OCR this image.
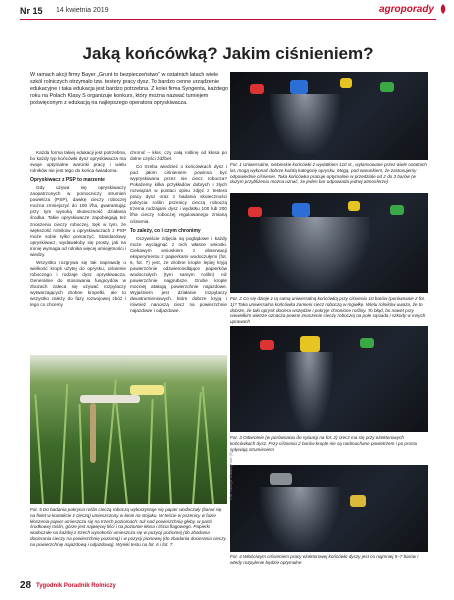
Nr 15 14 kwietnia 2019	agroporady
Jaką końcówką? Jakim ciśnieniem?
W ramach akcji firmy Bayer „Grunt to bezpieczeństwo” w ostatnich latach wiele szkół rolniczych otrzymało tzw. testery pracy dysz. To bardzo cenne urządzenie edukacyjne i taka edukacja jest bardzo potrzebna. Z kolei firma Syngenta, każdego roku na Polach Klasy S organizuje konkurs, który można nazwać turniejem poświęconym z edukacją na najlepszego operatora opryskiwacza.

Każda forma takiej edukacji jest potrzebna, bo każdy typ końcówki dysz opryskiwacza ma swoje optymalne warunki pracy i wielu rolników nie jest tego do końca świadoma.

Opryskiwacz z PSP to marzenie

Gdy używa się opryskiwaczy zaopatrzonych w pomocniczy strumień powietrza (PSP), dawkę cieczy roboczej można zmniejszyć do 100 l/ha, gwarantując przy tym wysoką skuteczność działania środka. Takie opryskiwacze zapobiegają też znoszeniu cieczy roboczej. Sęk w tym, że większość rolników o opryskiwaczach z PSP może sobie tylko pomarzyć. Standardowy opryskiwacz, wydawałoby się prosty, jak na ironię wymaga od rolnika więcej umiejętności i wiedzy.

Wszystko rozgrywa się tak naprawdę o wielkość kropli użytej do oprysku, ciśnienie roboczego i rodzaje dysz opryskiwacza. Generalnie do stosowania fungicydów w zbożach zaleca się używać rozpylaczy wytwarzających drobne kropelki, ale to wszystko zależy do fazy rozwojowej zbóż i tego co chcemy

chronić – kłos, czy całą roślinę od kłosa po dolne części źdźbeł.

Co trzeba wiedzieć o końcówkach dysz i pod jakim ciśnieniem powinna być wypryskiwana przez nie ciecz robocza? Pokażemy kilka przykładów dobrych i złych rozwiązań w postaci opisu zdjęć z testera pracy dysz oraz z badania skuteczności pokrycia roślin pszenicy cieczą roboczą trzema rodzajami dysz i wydatku 100 lub 200 l/ha cieczy roboczej regulowanego zmianą ciśnienia.

To zależy, co i czym chronimy

Oczywiście zdjęcia są poglądowe i każdy może wyciągnąć z nich własne wnioski. Ciekawym wnioskiem z obserwacji eksperymentu z papierkami wodoczułymi (fot. 6, fot. 7) jest, że drobne krople lepiej kryją powierzchnie odzwierciedlające papierków wodoczułych (tym samym roślin) niż powierzchnie najgrubsze. Grube krople mocniej atakują powierzchnie najazdowe. Wyjaśniem jest działanie rozpylaczy dwustrumieniowych, które dobrze kryją i również nanoszą ciecz na powierzchnie najazdowe i odjazdowe.

Fot. 1 Uniwersalne, niebieskie końcówki z wydatkiem 110 st., wylansowane przez wiele ostatnich lat, mogą wykonać dobrze każdą kategorię oprysku. Mogą, pod warunkiem, że zastosujemy odpowiednie ciśnienie. Taka końcówka pracuje optymalnie w przedziale od 2 do 3 barów (w dużym przybliżeniu można uznać, że jeden bar odpowiada jednej atmosferze)
Fot. 2 Co się dzieje z tą samą uniwersalną końcówką przy ciśnieniu 10 barów (porównanie z fot. 1)? Taka uniwersalna końcówka zamieni ciecz roboczą w mgiełkę. Wielu rolników uważa, że to dobrze, że taki oprysk dociera wszędzie i pokryje chronione rośliny. To błąd, bo nawet przy niewielkim wietrze oznacza pewne znoszenie cieczy roboczej na pole sąsiada i szkody w innych uprawach
Fot. 3 Odwrotnie (w porównaniu do sytuacji na fot. 2) rzecz ma się przy eżektorowych końcówkach dysz. Przy ciśnieniu 2 barów krople nie są nadmuchane powietrzem i po prostu spływają strumieniem
Fot. 4 Właściwym ciśnieniem pracy eżektorowej końcówki dyszy jest co najmniej 5–7 barów i wtedy rozpylenie będzie optymalne
Fot. 5 Do badania pokrycia roślin cieczą roboczą wykorzystuje się papier wodoczuły (barwi się na fiolet w kontakcie z cieczą) umieszczony w łanie na stojaku. W teście w pszenicy w fazie kłoszenia papier umieszcza się na trzech poziomach: tuż nad powierzchnią gleby, w partii środkowej roślin, górze jest najwięcej liści i na poziomie kłosa i liścia flagowego. Papierki wodoczułe na każdej z trzech wysokości umieszcza się w pozycji poziomej (do zbadania docierania cieczy na powierzchnię poziomą) i w pozycji pionowej (do zbadania docierania cieczy na powierzchnię najazdową i odjazdową). Wyniki testu na fot. 6 i fot. 7
Fot. Henryk Katarzyński (5)
28 Tygodnik Poradnik Rolniczy
